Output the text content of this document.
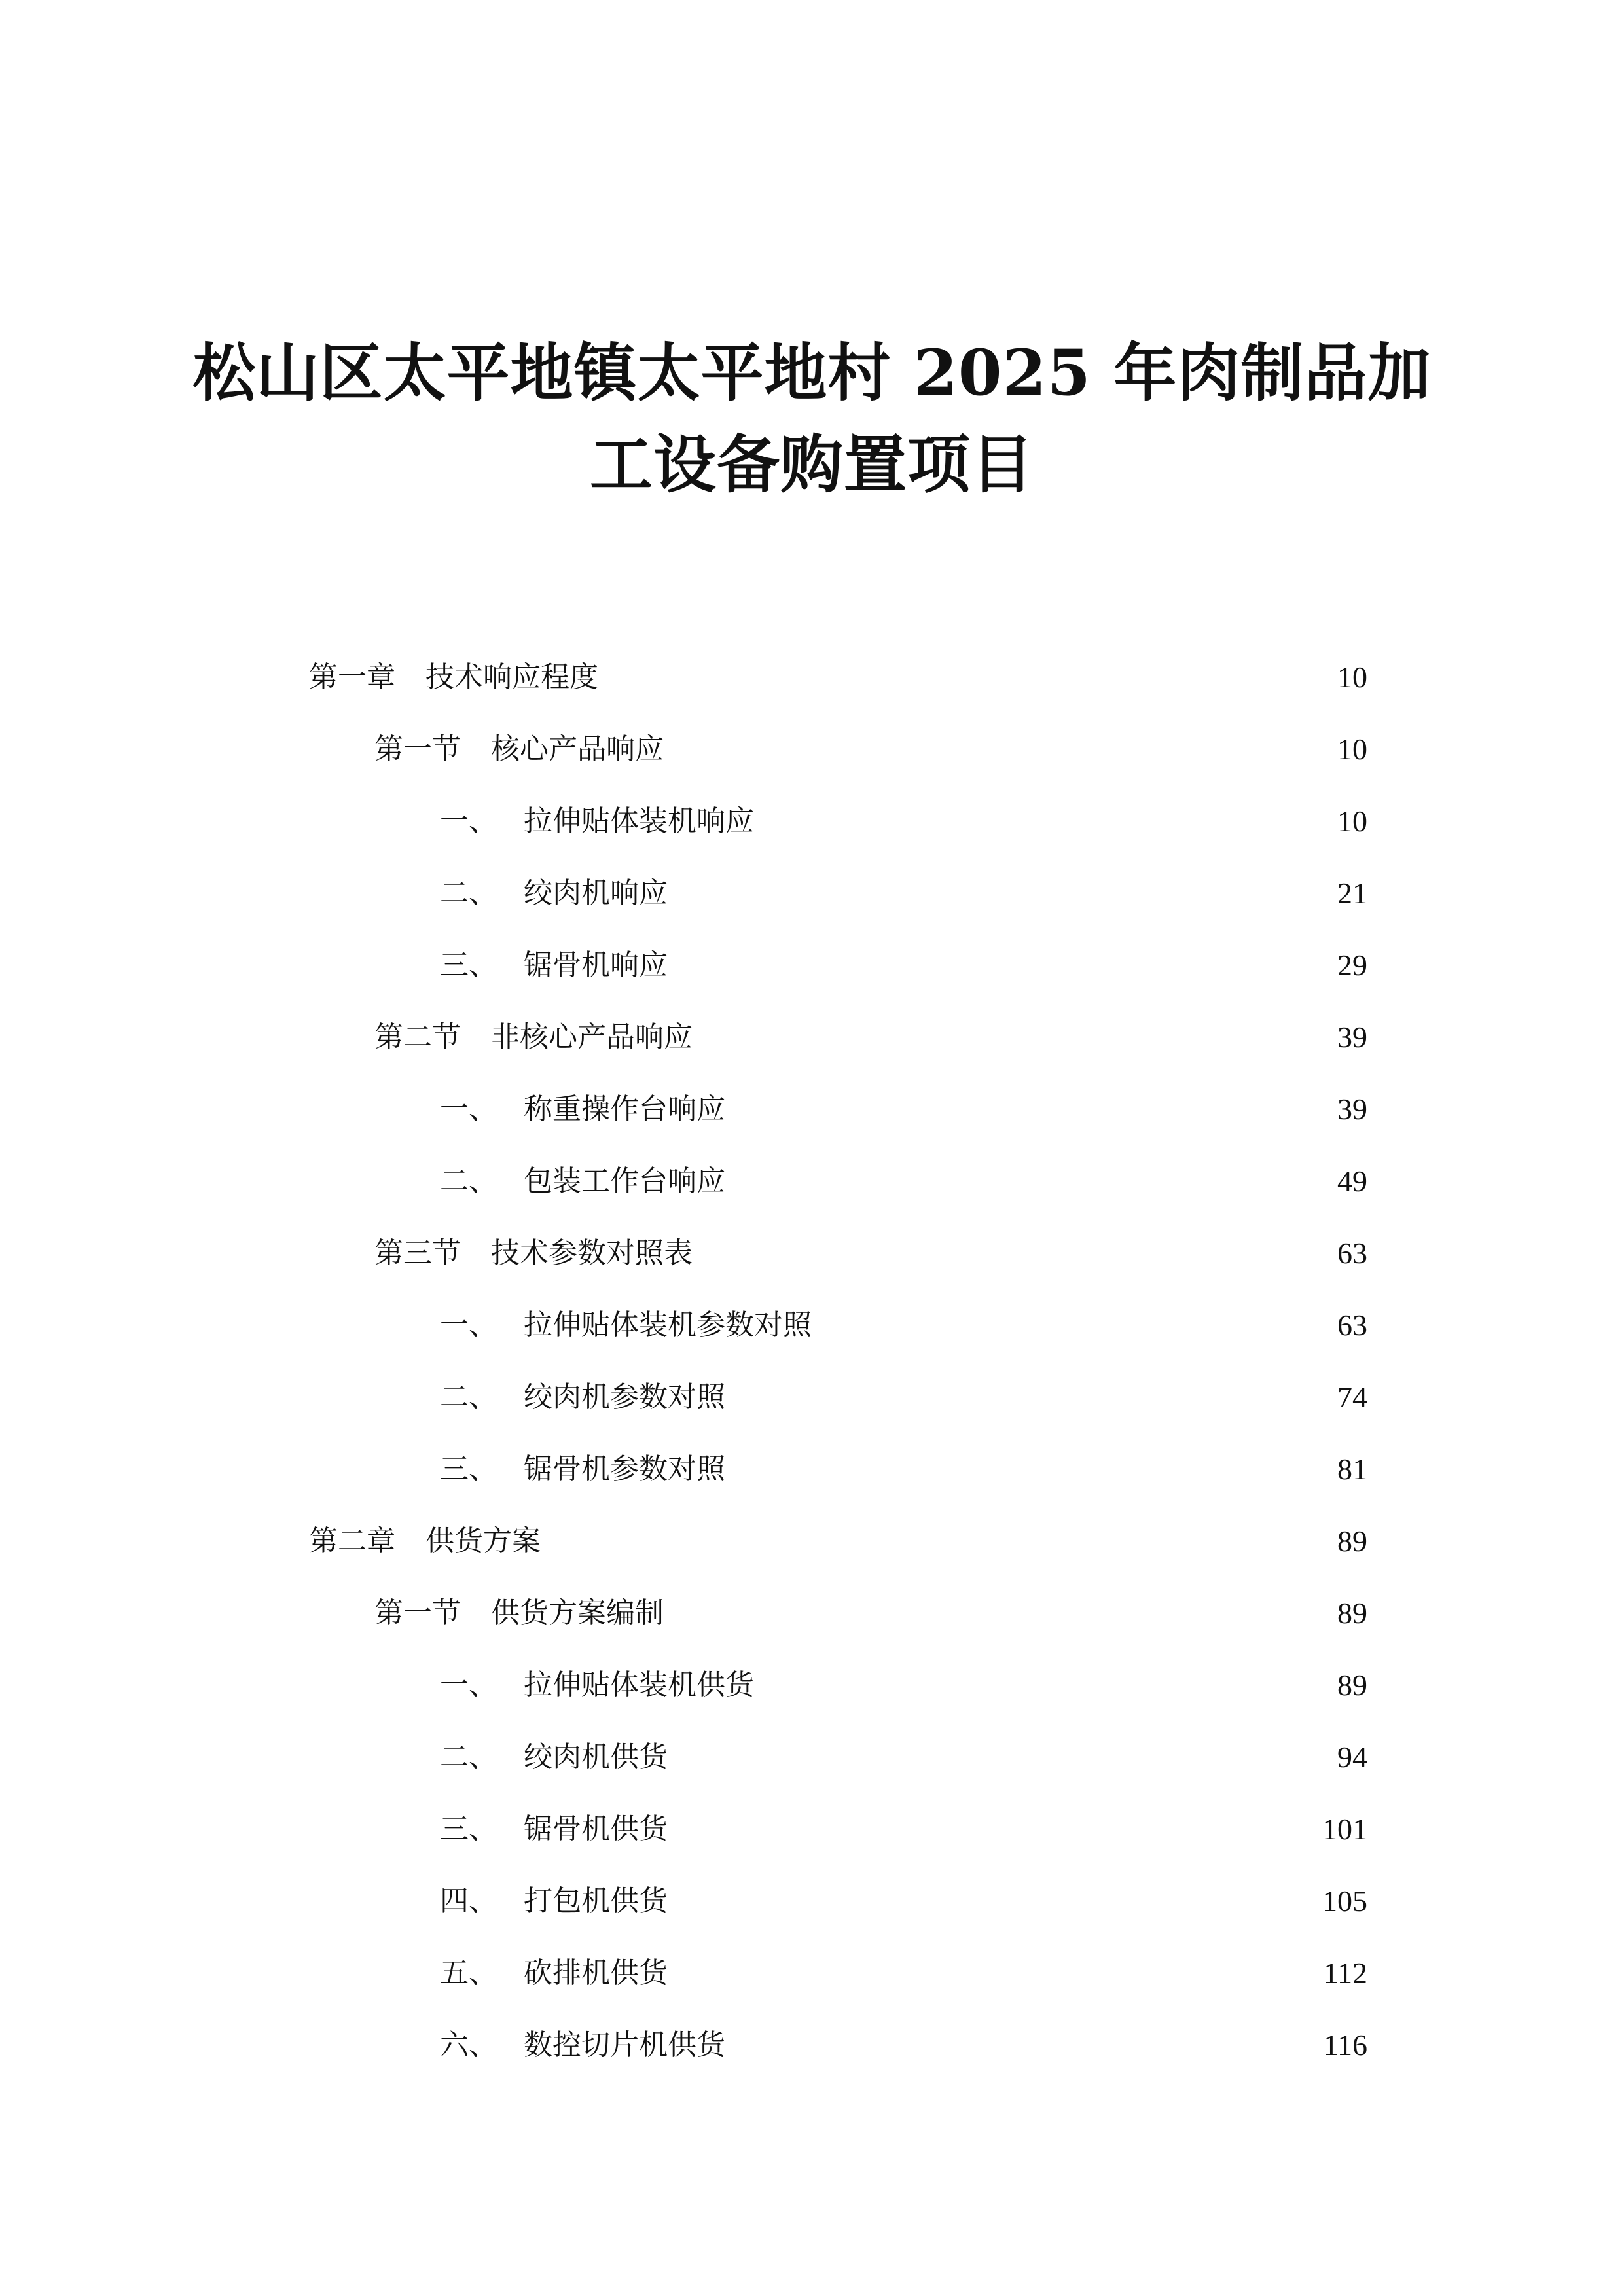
松山区太平地镇太平地村 2025 年肉制品加
工设备购置项目
第一章	技术响应程度	10
第一节	核心产品响应	10
一、 拉伸贴体装机响应	10
二、 绞肉机响应	21
三、 锯骨机响应	29
第二节	非核心产品响应	39
一、 称重操作台响应	39
二、 包装工作台响应	49
第三节	技术参数对照表	63
一、 拉伸贴体装机参数对照	63
二、 绞肉机参数对照	74
三、 锯骨机参数对照	81
第二章	供货方案	89
第一节	供货方案编制	89
一、 拉伸贴体装机供货	89
二、 绞肉机供货	94
三、 锯骨机供货	101
四、 打包机供货	105
五、 砍排机供货	112
六、 数控切片机供货	116
